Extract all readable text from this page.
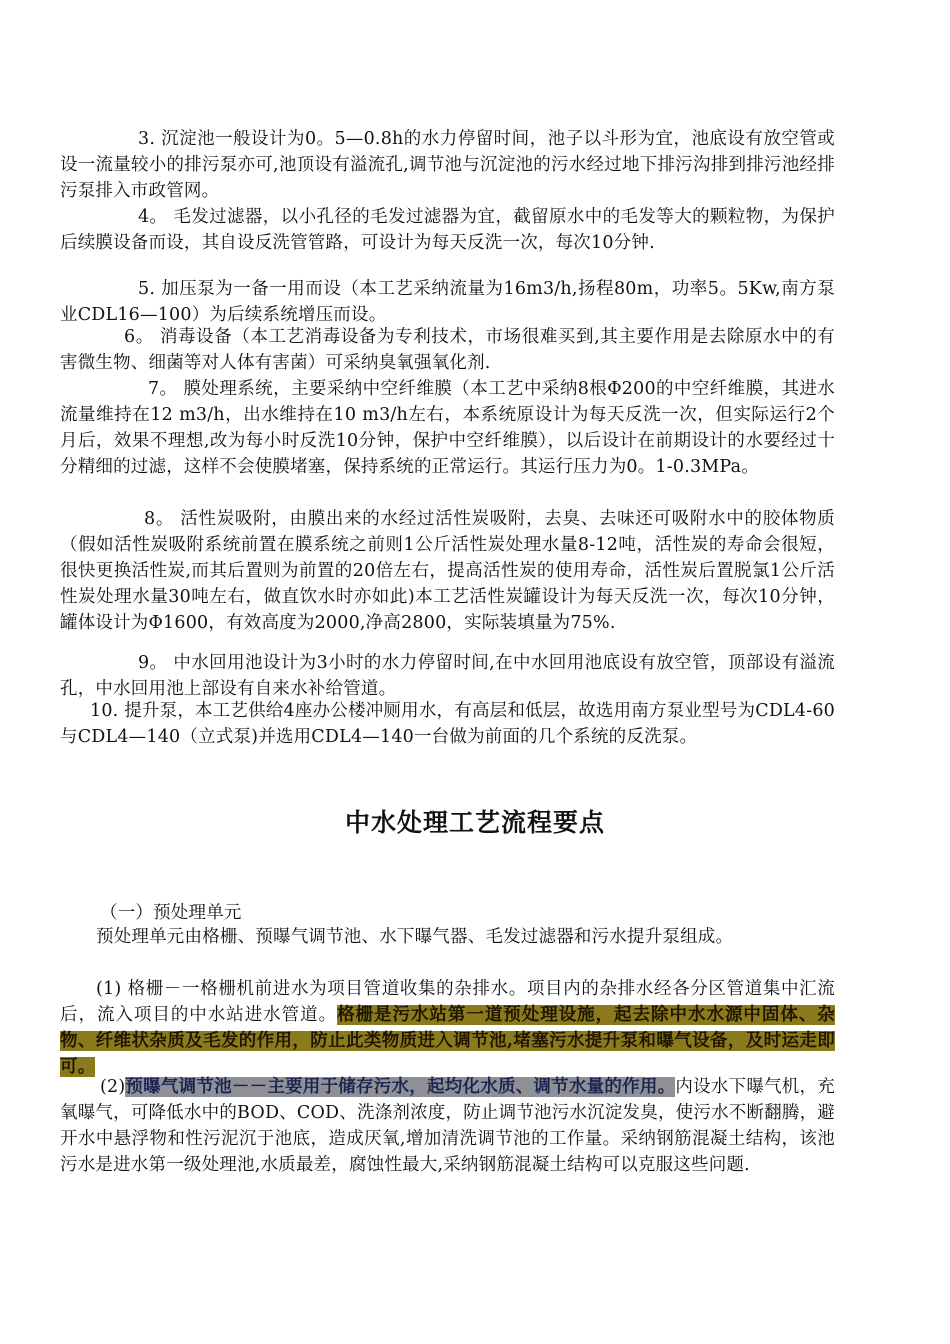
3. 沉淀池一般设计为0。5—0.8h的水力停留时间，池子以斗形为宜，池底设有放空管或设一流量较小的排污泵亦可,池顶设有溢流孔,调节池与沉淀池的污水经过地下排污沟排到排污池经排污泵排入市政管网。

4。 毛发过滤器，以小孔径的毛发过滤器为宜，截留原水中的毛发等大的颗粒物，为保护后续膜设备而设，其自设反洗管管路，可设计为每天反洗一次，每次10分钟.

5. 加压泵为一备一用而设（本工艺采纳流量为16m3/h,扬程80m，功率5。5Kw,南方泵业CDL16—100）为后续系统增压而设。

6。 消毒设备（本工艺消毒设备为专利技术，市场很难买到,其主要作用是去除原水中的有害微生物、细菌等对人体有害菌）可采纳臭氧强氧化剂.

7。 膜处理系统，主要采纳中空纤维膜（本工艺中采纳8根Φ200的中空纤维膜，其进水流量维持在12 m3/h，出水维持在10 m3/h左右，本系统原设计为每天反洗一次，但实际运行2个月后，效果不理想,改为每小时反洗10分钟，保护中空纤维膜），以后设计在前期设计的水要经过十分精细的过滤，这样不会使膜堵塞，保持系统的正常运行。其运行压力为0。1-0.3MPa。

8。 活性炭吸附，由膜出来的水经过活性炭吸附，去臭、去味还可吸附水中的胶体物质（假如活性炭吸附系统前置在膜系统之前则1公斤活性炭处理水量8-12吨，活性炭的寿命会很短，很快更换活性炭,而其后置则为前置的20倍左右，提高活性炭的使用寿命，活性炭后置脱氯1公斤活性炭处理水量30吨左右，做直饮水时亦如此)本工艺活性炭罐设计为每天反洗一次，每次10分钟，罐体设计为Φ1600，有效高度为2000,净高2800，实际装填量为75%.

9。 中水回用池设计为3小时的水力停留时间,在中水回用池底设有放空管，顶部设有溢流孔，中水回用池上部设有自来水补给管道。

10. 提升泵，本工艺供给4座办公楼冲厕用水，有高层和低层，故选用南方泵业型号为CDL4-60与CDL4—140（立式泵)并选用CDL4—140一台做为前面的几个系统的反洗泵。

中水处理工艺流程要点

（一）预处理单元

预处理单元由格栅、预曝气调节池、水下曝气器、毛发过滤器和污水提升泵组成。

(1) 格栅－一格栅机前进水为项目管道收集的杂排水。项目内的杂排水经各分区管道集中汇流后，流入项目的中水站进水管道。格栅是污水站第一道预处理设施，起去除中水水源中固体、杂物、纤维状杂质及毛发的作用，防止此类物质进入调节池,堵塞污水提升泵和曝气设备，及时运走即可。

(2)预曝气调节池－－主要用于储存污水，起均化水质、调节水量的作用。内设水下曝气机，充氧曝气，可降低水中的BOD、COD、洗涤剂浓度，防止调节池污水沉淀发臭，使污水不断翻腾，避开水中悬浮物和性污泥沉于池底，造成厌氧,增加清洗调节池的工作量。采纳钢筋混凝土结构，该池污水是进水第一级处理池,水质最差，腐蚀性最大,采纳钢筋混凝土结构可以克服这些问题.
